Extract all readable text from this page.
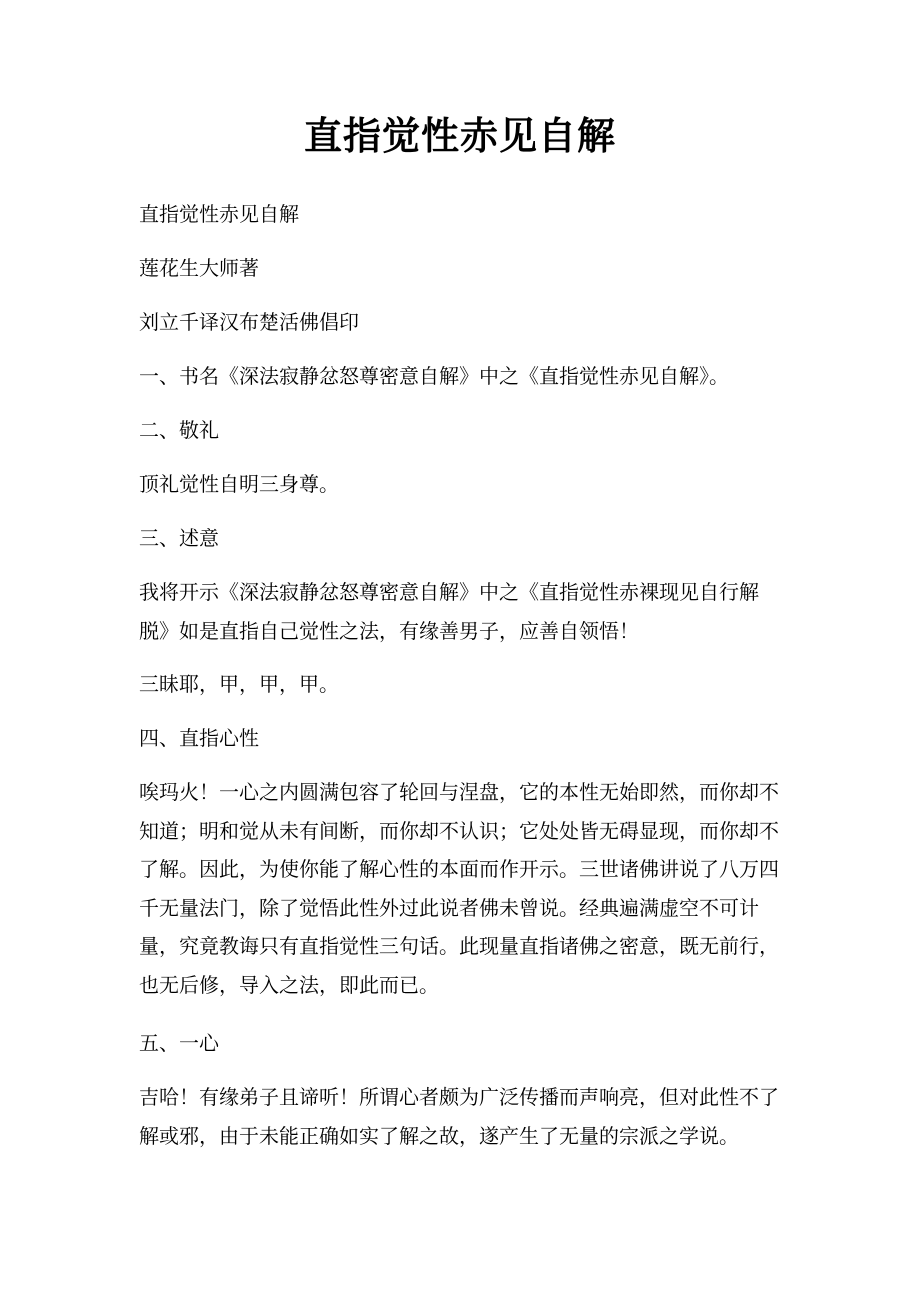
直指觉性赤见自解

直指觉性赤见自解

莲花生大师著

刘立千译汉布楚活佛倡印

一、书名《深法寂静忿怒尊密意自解》中之《直指觉性赤见自解》。

二、敬礼

顶礼觉性自明三身尊。

三、述意

我将开示《深法寂静忿怒尊密意自解》中之《直指觉性赤裸现见自行解脱》如是直指自己觉性之法，有缘善男子，应善自领悟！

三昧耶，甲，甲，甲。

四、直指心性

唉玛火！一心之内圆满包容了轮回与涅盘，它的本性无始即然，而你却不知道；明和觉从未有间断，而你却不认识；它处处皆无碍显现，而你却不了解。因此，为使你能了解心性的本面而作开示。三世诸佛讲说了八万四千无量法门，除了觉悟此性外过此说者佛未曾说。经典遍满虚空不可计量，究竟教诲只有直指觉性三句话。此现量直指诸佛之密意，既无前行，也无后修，导入之法，即此而已。

五、一心

吉哈！有缘弟子且谛听！所谓心者颇为广泛传播而声响亮，但对此性不了解或邪，由于未能正确如实了解之故，遂产生了无量的宗派之学说。
